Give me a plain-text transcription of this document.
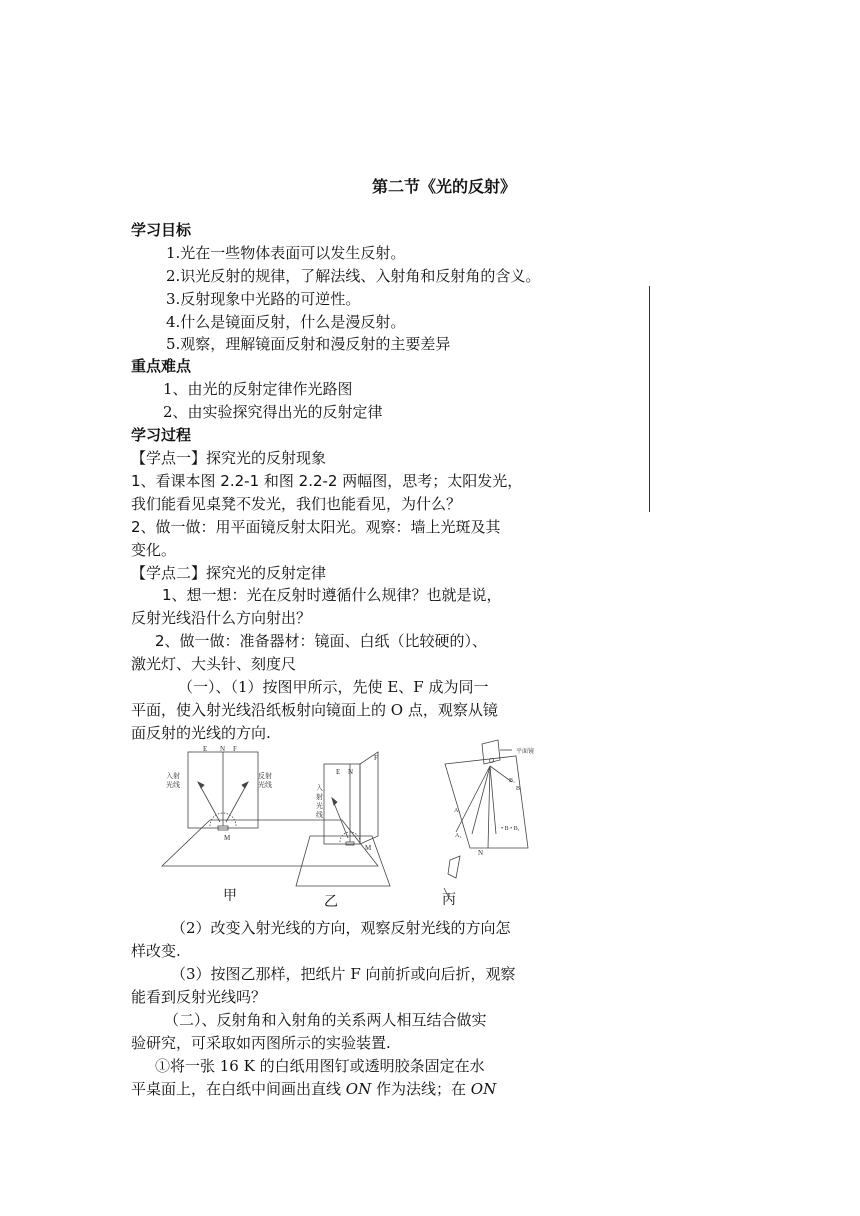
第二节《光的反射》
学习目标
1.光在一些物体表面可以发生反射。
2.识光反射的规律，了解法线、入射角和反射角的含义。
3.反射现象中光路的可逆性。
4.什么是镜面反射，什么是漫反射。
5.观察，理解镜面反射和漫反射的主要差异
重点难点
1、由光的反射定律作光路图
2、由实验探究得出光的反射定律
学习过程
【学点一】探究光的反射现象
1、看课本图 2.2-1 和图 2.2-2 两幅图，思考；太阳发光，
我们能看见桌凳不发光，我们也能看见，为什么？
2、做一做：用平面镜反射太阳光。观察：墙上光斑及其
变化。
【学点二】探究光的反射定律
1、想一想：光在反射时遵循什么规律？也就是说，
反射光线沿什么方向射出？
2、做一做：准备器材：镜面、白纸（比较硬的）、
激光灯、大头针、刻度尺
（一）、（1）按图甲所示，先使 E、F 成为同一
平面，使入射光线沿纸板射向镜面上的 O 点，观察从镜
面反射的光线的方向.
E N F
M
入射
光线
反射
光线
E N
F
M
入
射
光
线
平面镜
O
N
B₁
B
A₁
A₁
• B • B₁
甲	乙	丙
（2）改变入射光线的方向，观察反射光线的方向怎
样改变.
（3）按图乙那样，把纸片 F 向前折或向后折，观察
能看到反射光线吗？
（二）、反射角和入射角的关系两人相互结合做实
验研究，可采取如丙图所示的实验装置.
①将一张 16 K 的白纸用图钉或透明胶条固定在水
平桌面上，在白纸中间画出直线 ON 作为法线；在 ON
